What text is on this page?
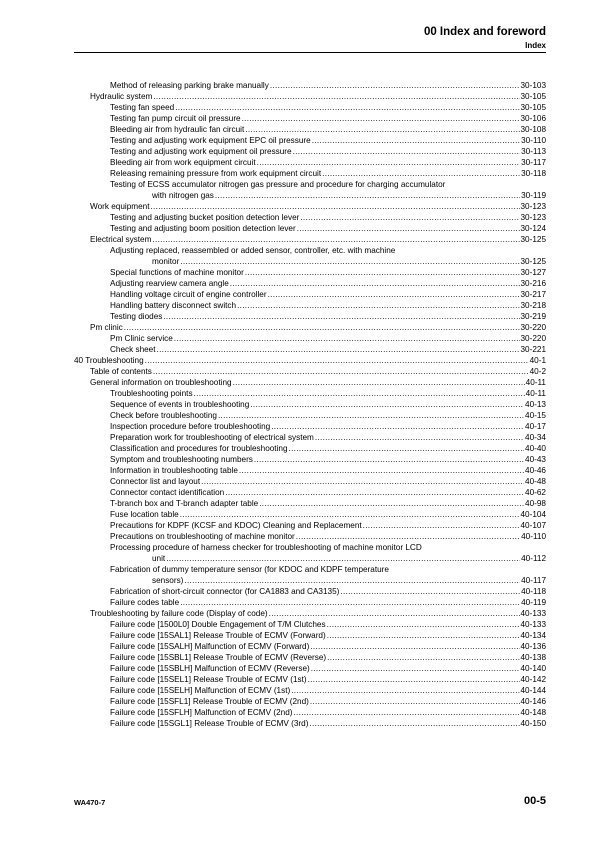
00 Index and foreword
Index
Method of releasing parking brake manually .....	30-103
Hydraulic system .....	30-105
Testing fan speed .....	30-105
Testing fan pump circuit oil pressure .....	30-106
Bleeding air from hydraulic fan circuit .....	30-108
Testing and adjusting work equipment EPC oil pressure .....	30-110
Testing and adjusting work equipment oil pressure .....	30-113
Bleeding air from work equipment circuit .....	30-117
Releasing remaining pressure from work equipment circuit .....	30-118
Testing of ECSS accumulator nitrogen gas pressure and procedure for charging accumulator
with nitrogen gas .....	30-119
Work equipment .....	30-123
Testing and adjusting bucket position detection lever .....	30-123
Testing and adjusting boom position detection lever .....	30-124
Electrical system .....	30-125
Adjusting replaced, reassembled or added sensor, controller, etc. with machine
monitor .....	30-125
Special functions of machine monitor .....	30-127
Adjusting rearview camera angle .....	30-216
Handling voltage circuit of engine controller .....	30-217
Handling battery disconnect switch .....	30-218
Testing diodes .....	30-219
Pm clinic .....	30-220
Pm Clinic service .....	30-220
Check sheet .....	30-221
40 Troubleshooting .....	40-1
Table of contents .....	40-2
General information on troubleshooting .....	40-11
Troubleshooting points .....	40-11
Sequence of events in troubleshooting .....	40-13
Check before troubleshooting .....	40-15
Inspection procedure before troubleshooting .....	40-17
Preparation work for troubleshooting of electrical system .....	40-34
Classification and procedures for troubleshooting .....	40-40
Symptom and troubleshooting numbers .....	40-43
Information in troubleshooting table .....	40-46
Connector list and layout .....	40-48
Connector contact identification .....	40-62
T-branch box and T-branch adapter table .....	40-98
Fuse location table .....	40-104
Precautions for KDPF (KCSF and KDOC) Cleaning and Replacement .....	40-107
Precautions on troubleshooting of machine monitor .....	40-110
Processing procedure of harness checker for troubleshooting of machine monitor LCD
unit .....	40-112
Fabrication of dummy temperature sensor (for KDOC and KDPF temperature
sensors) .....	40-117
Fabrication of short-circuit connector (for CA1883 and CA3135) .....	40-118
Failure codes table .....	40-119
Troubleshooting by failure code (Display of code) .....	40-133
Failure code [1500L0] Double Engagement of T/M Clutches .....	40-133
Failure code [15SAL1] Release Trouble of ECMV (Forward) .....	40-134
Failure code [15SALH] Malfunction of ECMV (Forward) .....	40-136
Failure code [15SBL1] Release Trouble of ECMV (Reverse) .....	40-138
Failure code [15SBLH] Malfunction of ECMV (Reverse) .....	40-140
Failure code [15SEL1] Release Trouble of ECMV (1st) .....	40-142
Failure code [15SELH] Malfunction of ECMV (1st) .....	40-144
Failure code [15SFL1] Release Trouble of ECMV (2nd) .....	40-146
Failure code [15SFLH] Malfunction of ECMV (2nd) .....	40-148
Failure code [15SGL1] Release Trouble of ECMV (3rd) .....	40-150
WA470-7	00-5
